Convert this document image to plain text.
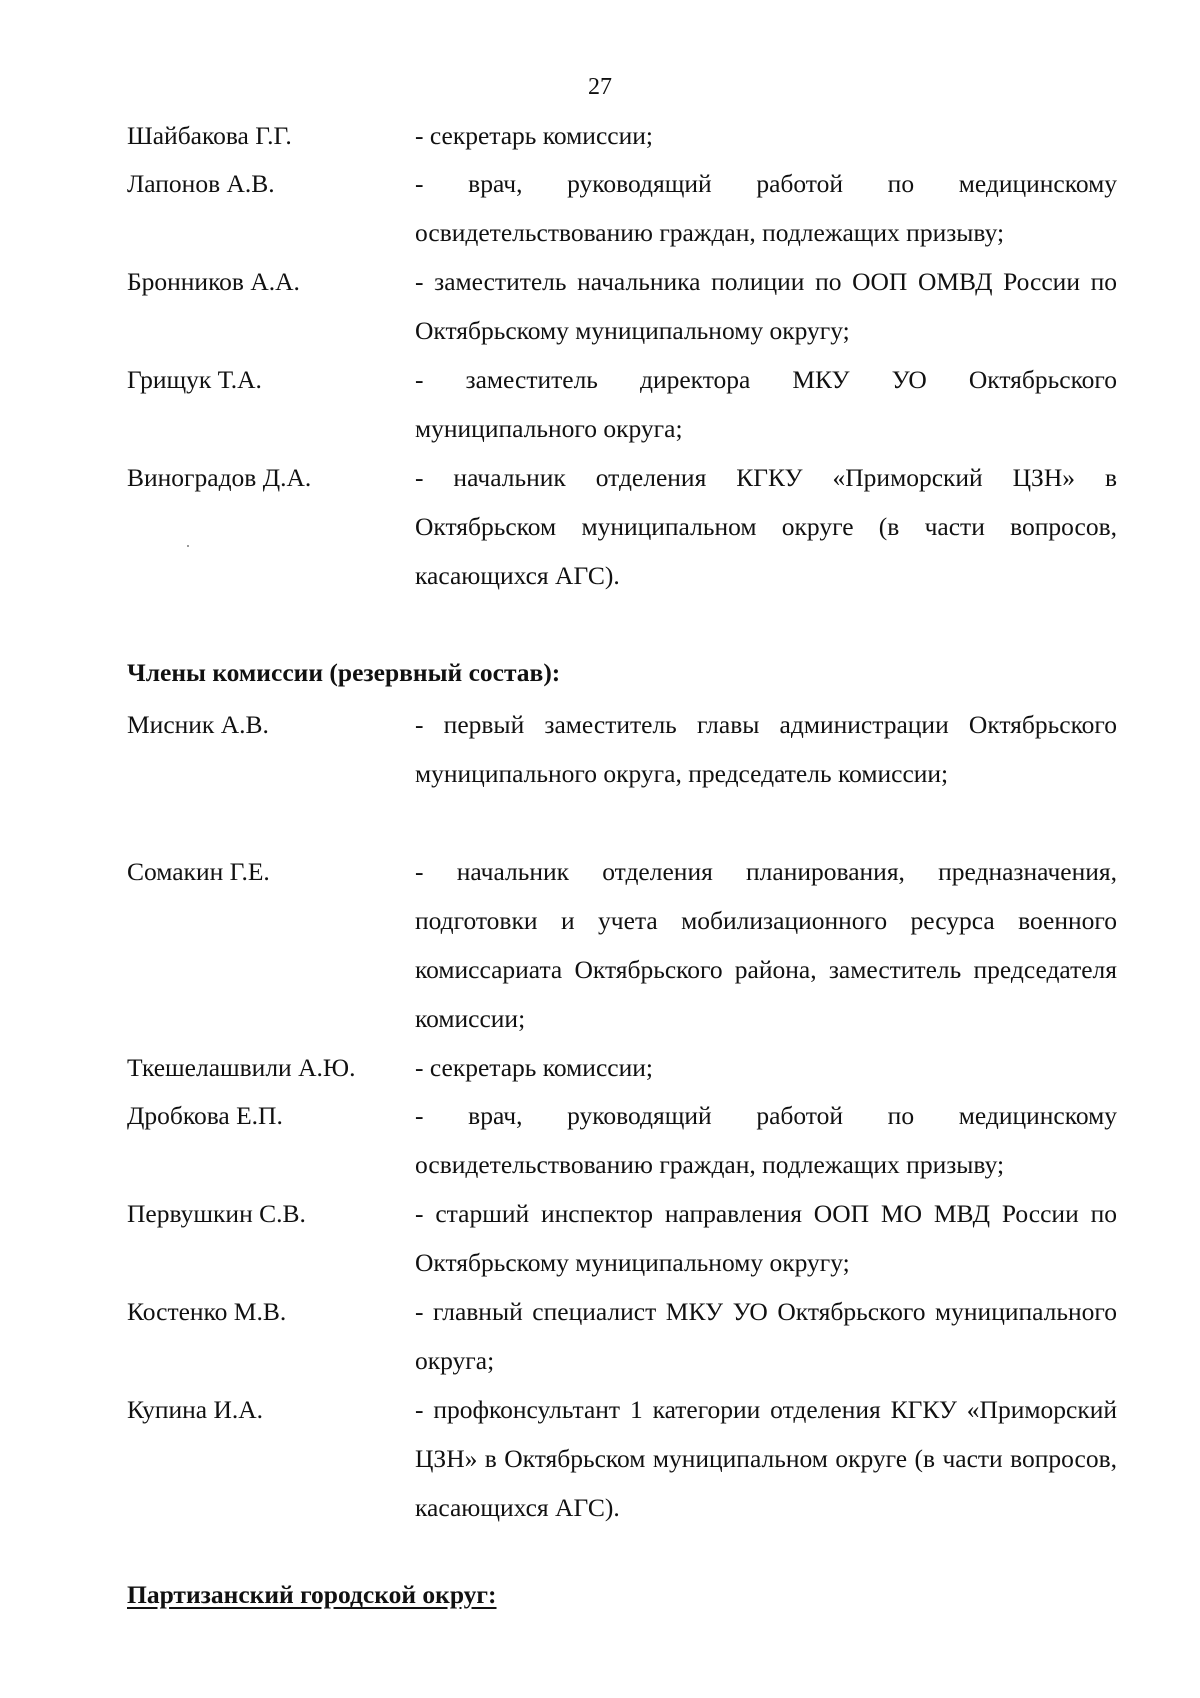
27
Шайбакова Г.Г.	- секретарь комиссии;
Лапонов А.В.	- врач, руководящий работой по медицинскому освидетельствованию граждан, подлежащих призыву;
Бронников А.А.	- заместитель начальника полиции по ООП ОМВД России по Октябрьскому муниципальному округу;
Грищук Т.А.	- заместитель директора МКУ УО Октябрьского муниципального округа;
Виноградов Д.А.	- начальник отделения КГКУ «Приморский ЦЗН» в Октябрьском муниципальном округе (в части вопросов, касающихся АГС).
Члены комиссии (резервный состав):
Мисник А.В.	- первый заместитель главы администрации Октябрьского муниципального округа, председатель комиссии;
Сомакин Г.Е.	- начальник отделения планирования, предназначения, подготовки и учета мобилизационного ресурса военного комиссариата Октябрьского района, заместитель председателя комиссии;
Ткешелашвили А.Ю.	- секретарь комиссии;
Дробкова Е.П.	- врач, руководящий работой по медицинскому освидетельствованию граждан, подлежащих призыву;
Первушкин С.В.	- старший инспектор направления ООП МО МВД России по Октябрьскому муниципальному округу;
Костенко М.В.	- главный специалист МКУ УО Октябрьского муниципального округа;
Купина И.А.	- профконсультант 1 категории отделения КГКУ «Приморский ЦЗН» в Октябрьском муниципальном округе (в части вопросов, касающихся АГС).
Партизанский городской округ:
